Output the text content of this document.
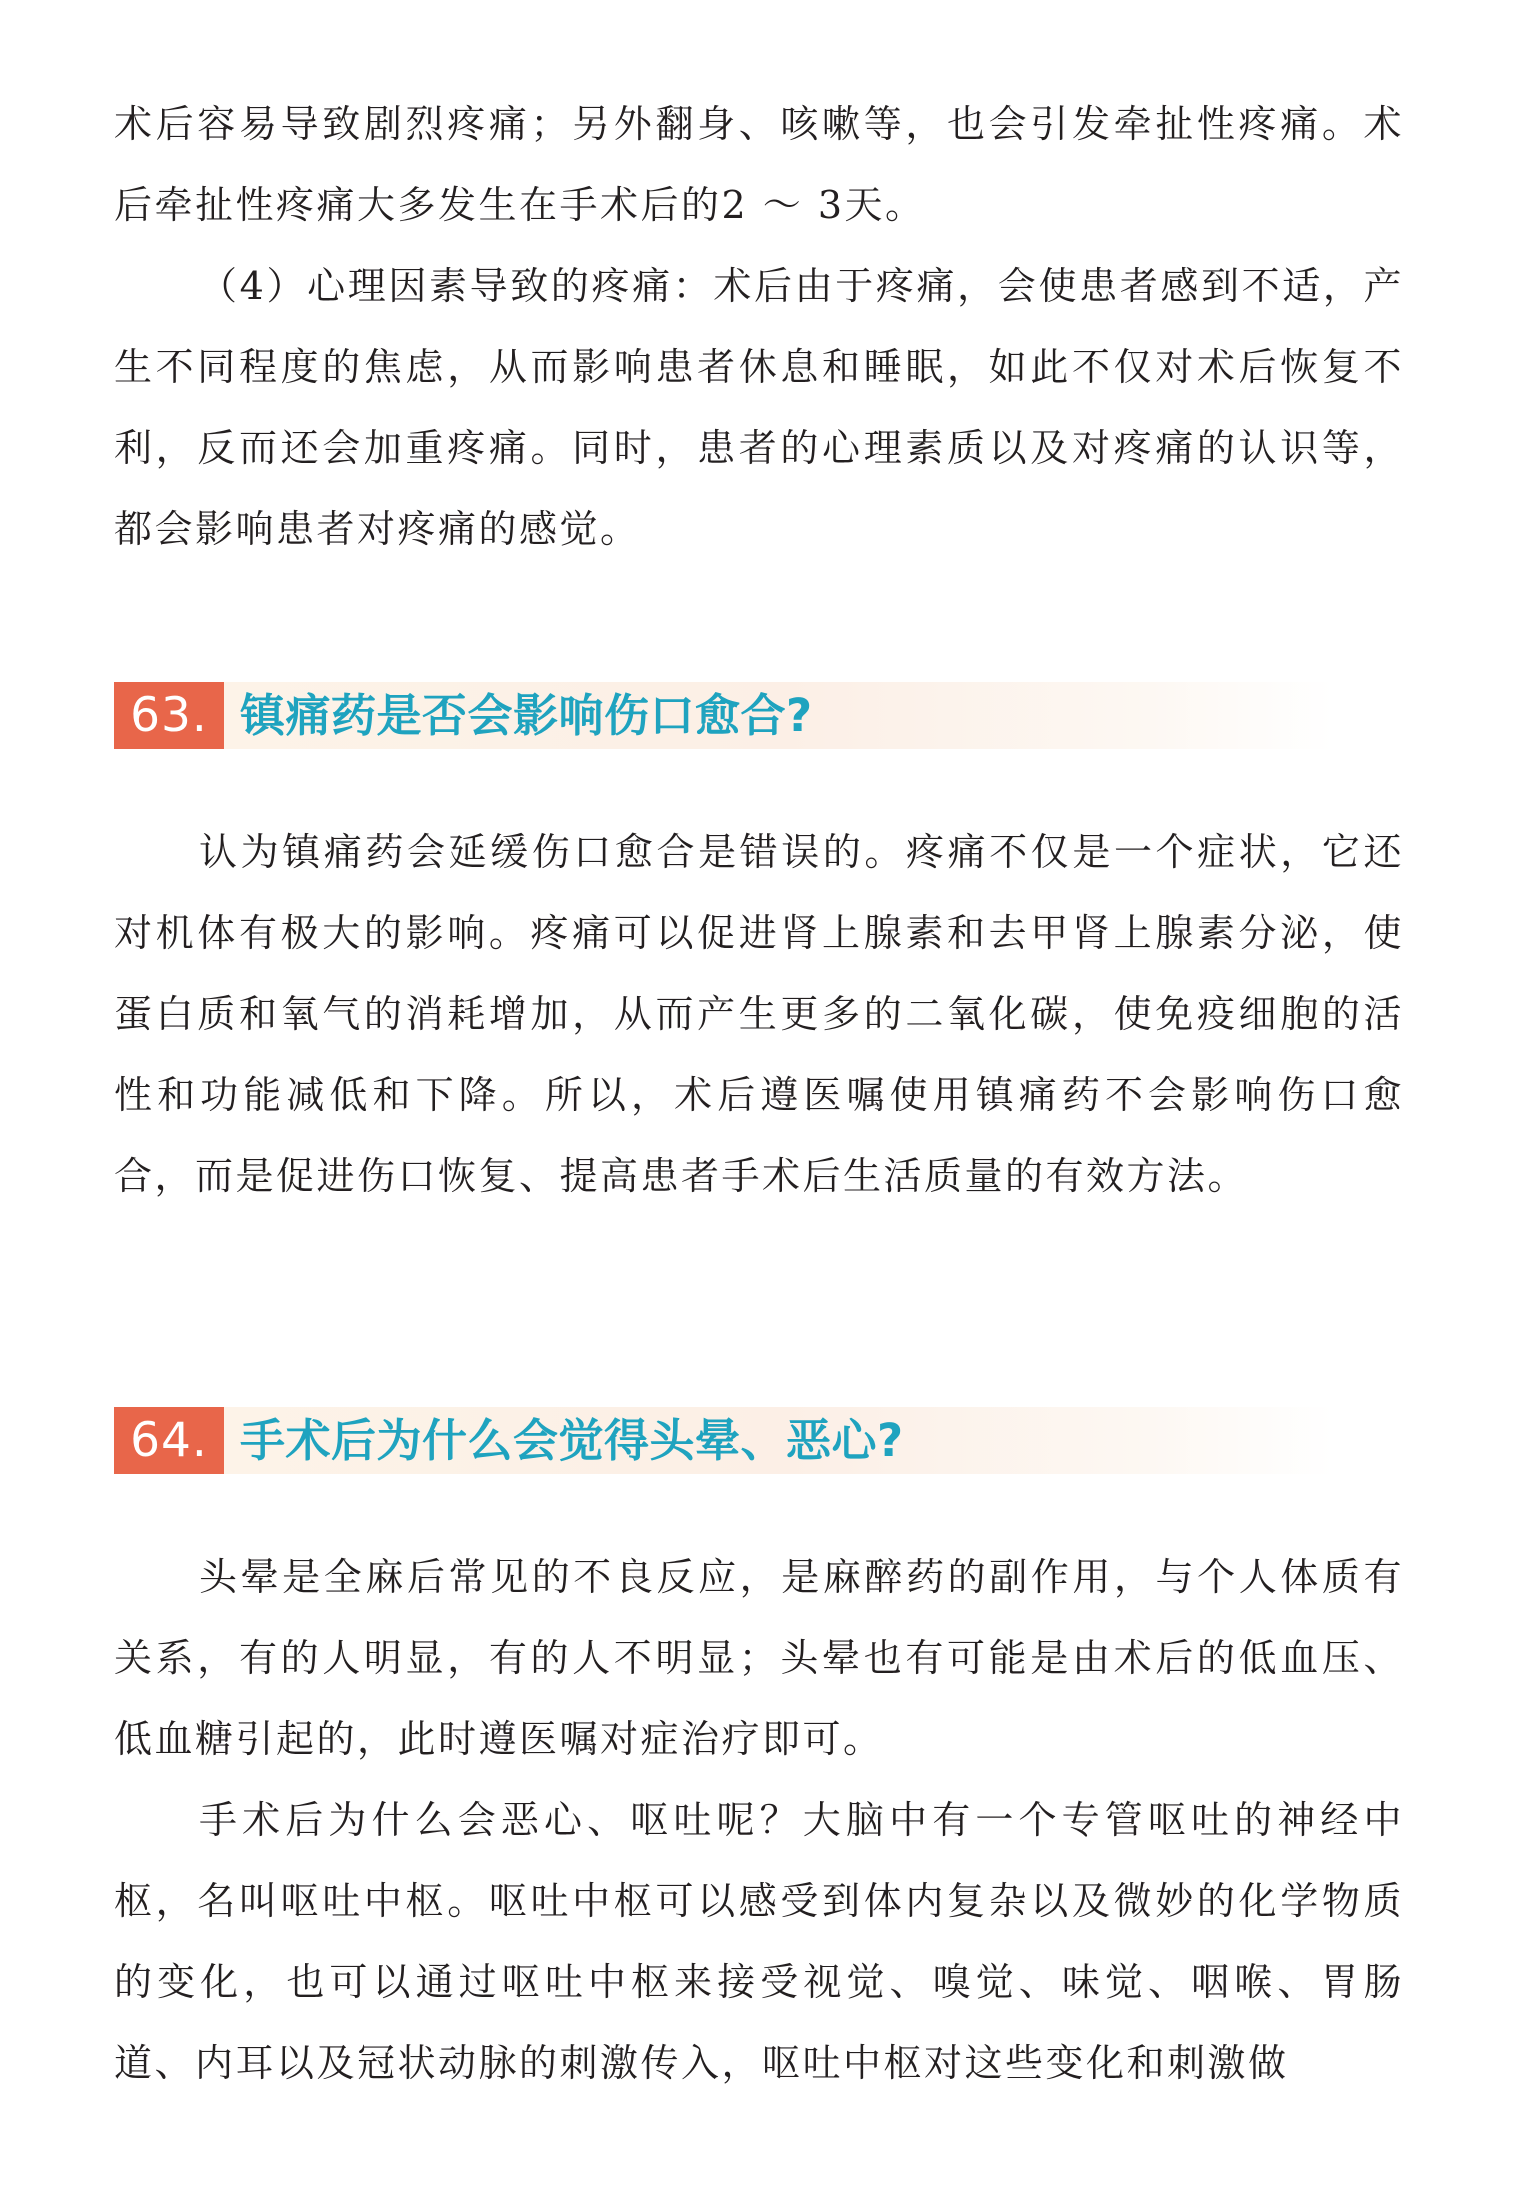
术后容易导致剧烈疼痛；另外翻身、咳嗽等，也会引发牵扯性疼痛。术后牵扯性疼痛大多发生在手术后的2 ～ 3天。

（4）心理因素导致的疼痛：术后由于疼痛，会使患者感到不适，产生不同程度的焦虑，从而影响患者休息和睡眠，如此不仅对术后恢复不利，反而还会加重疼痛。同时，患者的心理素质以及对疼痛的认识等，都会影响患者对疼痛的感觉。

63. 镇痛药是否会影响伤口愈合?

认为镇痛药会延缓伤口愈合是错误的。疼痛不仅是一个症状，它还对机体有极大的影响。疼痛可以促进肾上腺素和去甲肾上腺素分泌，使蛋白质和氧气的消耗增加，从而产生更多的二氧化碳，使免疫细胞的活性和功能减低和下降。所以，术后遵医嘱使用镇痛药不会影响伤口愈合，而是促进伤口恢复、提高患者手术后生活质量的有效方法。

64. 手术后为什么会觉得头晕、恶心?

头晕是全麻后常见的不良反应，是麻醉药的副作用，与个人体质有关系，有的人明显，有的人不明显；头晕也有可能是由术后的低血压、低血糖引起的，此时遵医嘱对症治疗即可。

手术后为什么会恶心、呕吐呢？大脑中有一个专管呕吐的神经中枢，名叫呕吐中枢。呕吐中枢可以感受到体内复杂以及微妙的化学物质的变化，也可以通过呕吐中枢来接受视觉、嗅觉、味觉、咽喉、胃肠道、内耳以及冠状动脉的刺激传入，呕吐中枢对这些变化和刺激做
